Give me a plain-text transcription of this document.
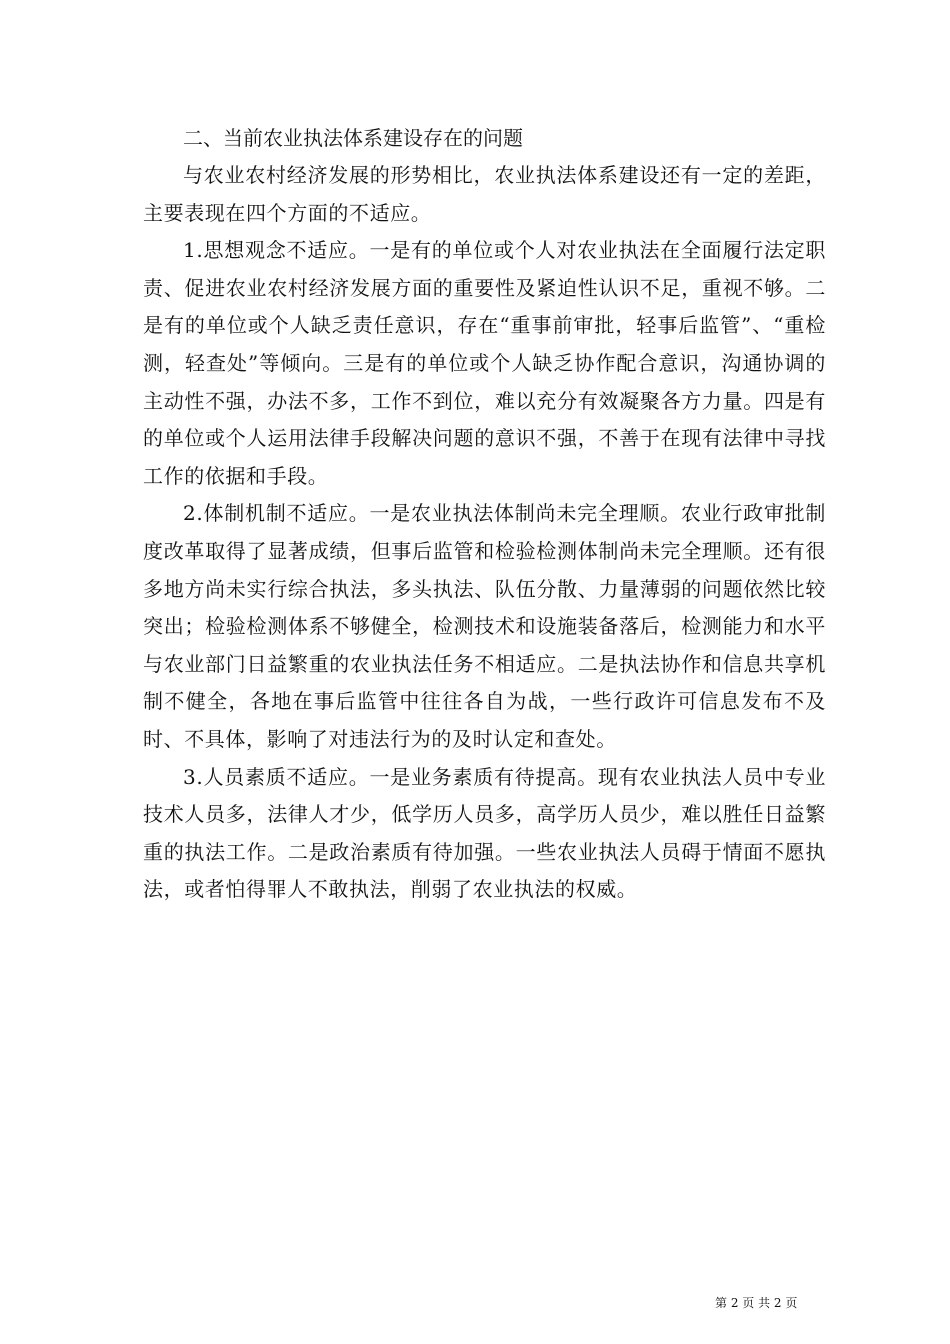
二、当前农业执法体系建设存在的问题

与农业农村经济发展的形势相比，农业执法体系建设还有一定的差距，主要表现在四个方面的不适应。

1.思想观念不适应。一是有的单位或个人对农业执法在全面履行法定职责、促进农业农村经济发展方面的重要性及紧迫性认识不足，重视不够。二是有的单位或个人缺乏责任意识，存在“重事前审批，轻事后监管”、“重检测，轻查处”等倾向。三是有的单位或个人缺乏协作配合意识，沟通协调的主动性不强，办法不多，工作不到位，难以充分有效凝聚各方力量。四是有的单位或个人运用法律手段解决问题的意识不强，不善于在现有法律中寻找工作的依据和手段。

2.体制机制不适应。一是农业执法体制尚未完全理顺。农业行政审批制度改革取得了显著成绩，但事后监管和检验检测体制尚未完全理顺。还有很多地方尚未实行综合执法，多头执法、队伍分散、力量薄弱的问题依然比较突出；检验检测体系不够健全，检测技术和设施装备落后，检测能力和水平与农业部门日益繁重的农业执法任务不相适应。二是执法协作和信息共享机制不健全，各地在事后监管中往往各自为战，一些行政许可信息发布不及时、不具体，影响了对违法行为的及时认定和查处。

3.人员素质不适应。一是业务素质有待提高。现有农业执法人员中专业技术人员多，法律人才少，低学历人员多，高学历人员少，难以胜任日益繁重的执法工作。二是政治素质有待加强。一些农业执法人员碍于情面不愿执法，或者怕得罪人不敢执法，削弱了农业执法的权威。

第 2 页 共 2 页
